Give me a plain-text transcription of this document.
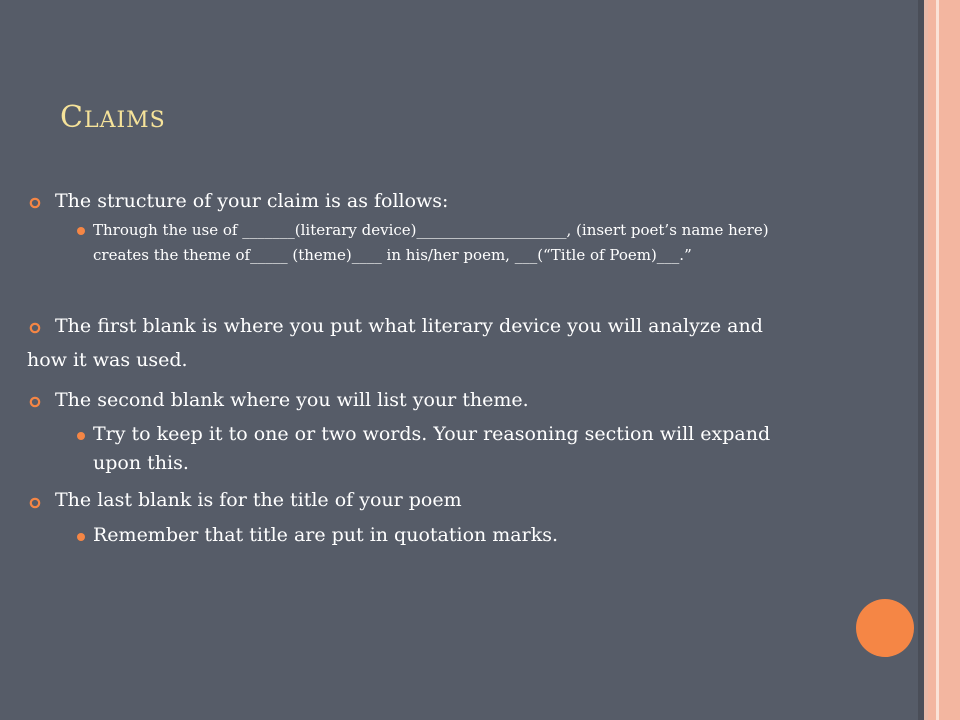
CLAIMS
The structure of your claim is as follows:
Through the use of _______(literary device)____________________, (insert poet’s name here)
creates the theme of_____ (theme)____ in his/her poem, ___(“Title of Poem)___.”
The first blank is where you put what literary device you will analyze and
how it was used.
The second blank where you will list your theme.
Try to keep it to one or two words. Your reasoning section will expand
upon this.
The last blank is for the title of your poem
Remember that title are put in quotation marks.
